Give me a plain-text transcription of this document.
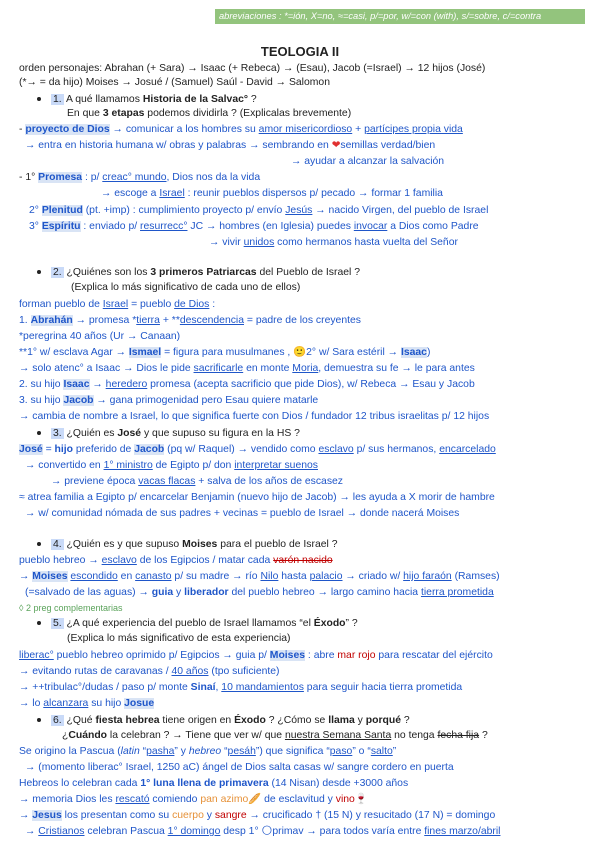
abreviaciones : *=ión, X=no, ≈=casi, p/=por, w/=con (with), s/=sobre, c/=contra
TEOLOGIA II
orden personajes: Abrahan (+ Sara) → Isaac (+ Rebeca) → (Esau), Jacob (=Israel) → 12 hijos (José)
(*→ = da hijo) Moises → Josué / (Samuel) Saúl - David → Salomon
1. A qué llamamos Historia de la Salvac° ?
En que 3 etapas podemos dividirla ? (Explicalas brevemente)
- proyecto de Dios → comunicar a los hombres su amor misericordioso + partícipes propia vida
→ entra en historia humana w/ obras y palabras → sembrando en ❤semillas verdad/bien
→ ayudar a alcanzar la salvación
- 1° Promesa : p/ creac° mundo, Dios nos da la vida
→ escoge a Israel : reunir pueblos dispersos p/ pecado → formar 1 familia
2° Plenitud (pt. +imp) : cumplimiento proyecto p/ envío Jesús → nacido Virgen, del pueblo de Israel
3° Espíritu : enviado p/ resurrecc° JC → hombres (en Iglesia) puedes invocar a Dios como Padre
→ vivir unidos como hermanos hasta vuelta del Señor
2. ¿Quiénes son los 3 primeros Patriarcas del Pueblo de Israel ?
(Explica lo más significativo de cada uno de ellos)
forman pueblo de Israel = pueblo de Dios :
1. Abrahán → promesa *tierra + **descendencia = padre de los creyentes
*peregrina 40 años (Ur → Canaan)
**1° w/ esclava Agar → Ismael = figura para musulmanes , 🙂2° w/ Sara estéril → Isaac)
→ solo atenc° a Isaac → Dios le pide sacrificarle en monte Moria, demuestra su fe → le para antes
2. su hijo Isaac → heredero promesa (acepta sacrificio que pide Dios), w/ Rebeca → Esau y Jacob
3. su hijo Jacob → gana primogenidad pero Esau quiere matarle
→ cambia de nombre a Israel, lo que significa fuerte con Dios / fundador 12 tribus israelitas p/ 12 hijos
3. ¿Quién es José y que supuso su figura en la HS ?
José = hijo preferido de Jacob (pq w/ Raquel) → vendido como esclavo p/ sus hermanos, encarcelado
→ convertido en 1° ministro de Egipto p/ don interpretar suenos
→ previene época vacas flacas + salva de los años de escasez
≈ atrea familia a Egipto p/ encarcelar Benjamin (nuevo hijo de Jacob) → les ayuda a X morir de hambre
→ w/ comunidad nómada de sus padres + vecinas = pueblo de Israel → donde nacerá Moises
4. ¿Quién es y que supuso Moises para el pueblo de Israel ?
pueblo hebreo → esclavo de los Egipcios / matar cada varón nacido
→ Moises escondido en canasto p/ su madre → río Nilo hasta palacio → criado w/ hijo faraón (Ramses)
(=salvado de las aguas) → guia y liberador del pueblo hebreo → largo camino hacia tierra prometida
◊ 2 preg complementarias
5. ¿A qué experiencia del pueblo de Israel llamamos “el Éxodo” ?
(Explica lo más significativo de esta experiencia)
liberac° pueblo hebreo oprimido p/ Egipcios → guia p/ Moises : abre mar rojo para rescatar del ejército
→ evitando rutas de caravanas / 40 años (tpo suficiente)
→ ++tribulac°/dudas / paso p/ monte Sinaí, 10 mandamientos para seguir hacia tierra prometida
→ lo alcanzara su hijo Josue
6. ¿Qué fiesta hebrea tiene origen en Éxodo ? ¿Cómo se llama y porqué ?
¿Cuándo la celebran ? → Tiene que ver w/ que nuestra Semana Santa no tenga fecha fija ?
Se origino la Pascua (latin “pasha” y hebreo “pesáh”) que significa “paso” o “salto”
→ (momento liberac° Israel, 1250 aC) ángel de Dios salta casas w/ sangre cordero en puerta
Hebreos lo celebran cada 1° luna llena de primavera (14 Nisan) desde +3000 años
→ memoria Dios les rescató comiendo pan azimo🥖 de esclavitud y vino🍷
→ Jesus los presentan como su cuerpo y sangre → crucificado † (15 N) y resucitado (17 N) = domingo
→ Cristianos celebran Pascua 1° domingo desp 1° 🌕primav → para todos varía entre fines marzo/abril
